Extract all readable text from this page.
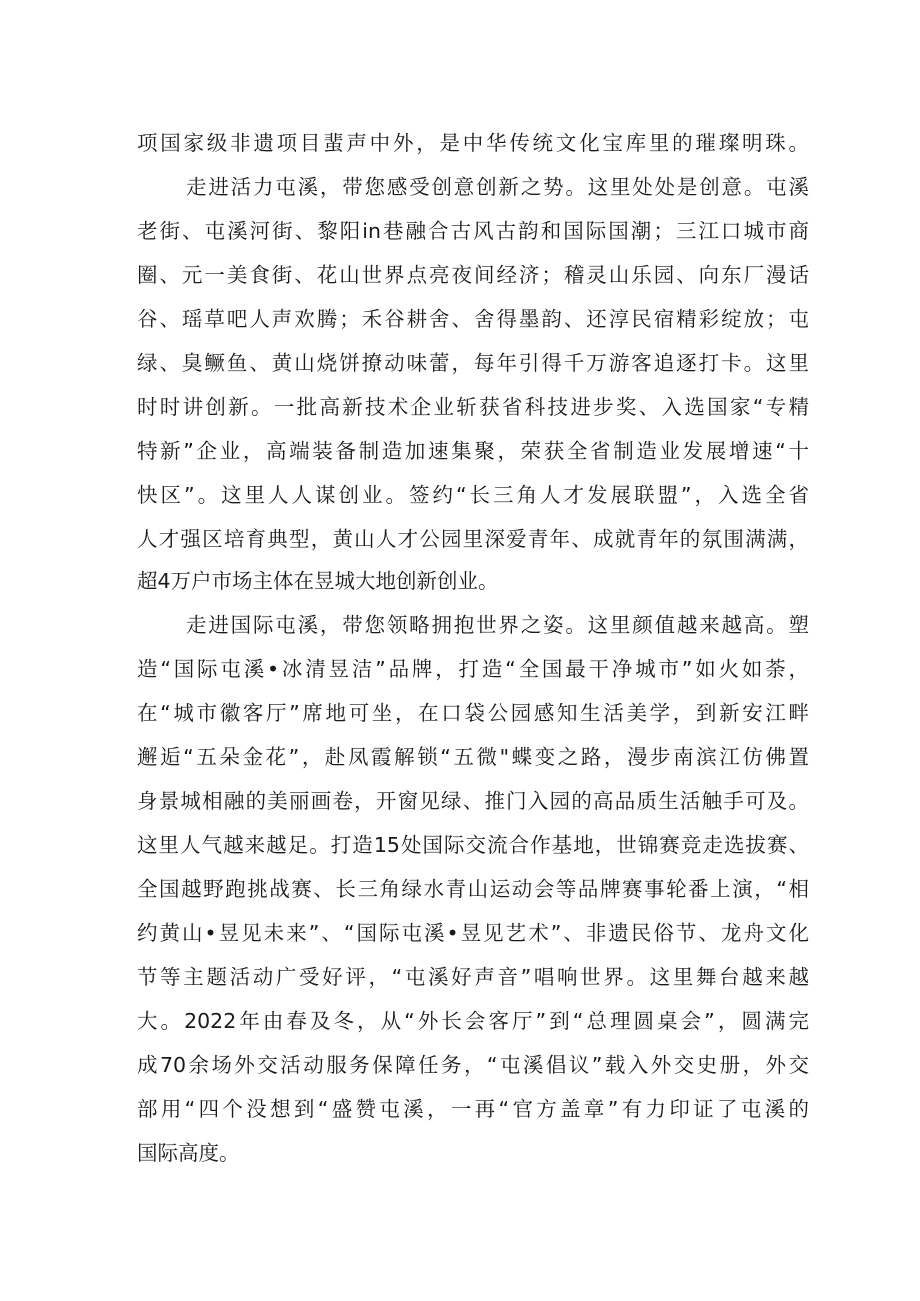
项国家级非遗项目蜚声中外，是中华传统文化宝库里的璀璨明珠。

走进活力屯溪，带您感受创意创新之势。这里处处是创意。屯溪

老街、屯溪河街、黎阳in巷融合古风古韵和国际国潮；三江口城市商

圈、元一美食街、花山世界点亮夜间经济；稽灵山乐园、向东厂漫话

谷、瑶草吧人声欢腾；禾谷耕舍、舍得墨韵、还淳民宿精彩绽放；屯

绿、臭鳜鱼、黄山烧饼撩动味蕾，每年引得千万游客追逐打卡。这里

时时讲创新。一批高新技术企业斩获省科技进步奖、入选国家“专精

特新”企业，高端装备制造加速集聚，荣获全省制造业发展增速“十

快区”。这里人人谋创业。签约“长三角人才发展联盟”，入选全省

人才强区培育典型，黄山人才公园里深爱青年、成就青年的氛围满满，

超4万户市场主体在昱城大地创新创业。

走进国际屯溪，带您领略拥抱世界之姿。这里颜值越来越高。塑

造“国际屯溪•冰清昱洁”品牌，打造“全国最干净城市”如火如荼，

在“城市徽客厅”席地可坐，在口袋公园感知生活美学，到新安江畔

邂逅“五朵金花”，赴凤霞解锁“五微"蝶变之路，漫步南滨江仿佛置

身景城相融的美丽画卷，开窗见绿、推门入园的高品质生活触手可及。

这里人气越来越足。打造15处国际交流合作基地，世锦赛竞走选拔赛、

全国越野跑挑战赛、长三角绿水青山运动会等品牌赛事轮番上演，“相

约黄山•昱见未来”、“国际屯溪•昱见艺术”、非遗民俗节、龙舟文化

节等主题活动广受好评，“屯溪好声音”唱响世界。这里舞台越来越

大。2022年由春及冬，从“外长会客厅”到“总理圆桌会”，圆满完

成70余场外交活动服务保障任务，“屯溪倡议”载入外交史册，外交

部用“四个没想到“盛赞屯溪，一再“官方盖章”有力印证了屯溪的

国际高度。
